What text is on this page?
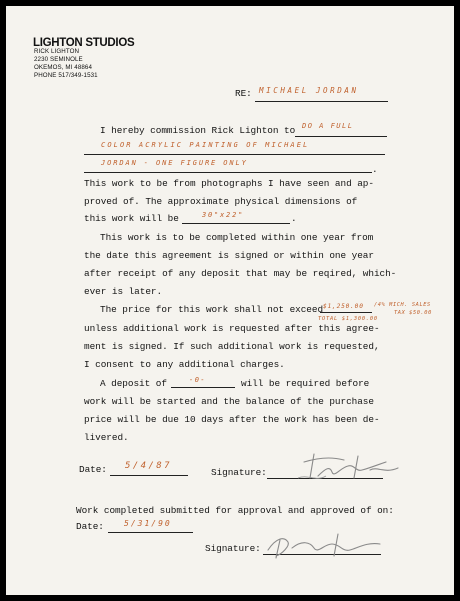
LIGHTON STUDIOS
RICK LIGHTON
2230 SEMINOLE
OKEMOS, MI 48864
PHONE 517/349-1531
RE: MICHAEL JORDAN
I hereby commission Rick Lighton to DO A FULL
COLOR ACRYLIC PAINTING OF MICHAEL
JORDAN - ONE FIGURE ONLY
.
This work to be from photographs I have seen and ap-
proved of. The approximate physical dimensions of
this work will be	30"x22"	.
This work is to be completed within one year from
the date this agreement is signed or within one year
after receipt of any deposit that may be reqired, which-
ever is later.
The price for this work shall not exceed $1,250.00 /4% MICH. SALES
TAX $50.00
TOTAL $1,300.00
unless additional work is requested after this agree-
ment is signed. If such additional work is requested,
I consent to any additional charges.
A deposit of	-0-	will be required before
work will be started and the balance of the purchase
price will be due 10 days after the work has been de-
livered.
Date: 5/4/87
Signature:
Work completed submitted for approval and approved of on:
Date:	5/31/90
Signature:
